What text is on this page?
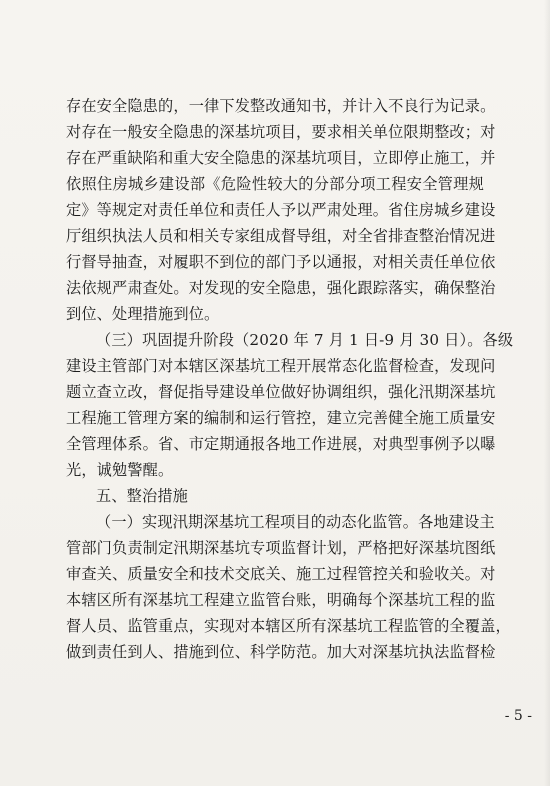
存在安全隐患的，一律下发整改通知书，并计入不良行为记录。
对存在一般安全隐患的深基坑项目，要求相关单位限期整改；对
存在严重缺陷和重大安全隐患的深基坑项目，立即停止施工，并
依照住房城乡建设部《危险性较大的分部分项工程安全管理规
定》等规定对责任单位和责任人予以严肃处理。省住房城乡建设
厅组织执法人员和相关专家组成督导组，对全省排查整治情况进
行督导抽查，对履职不到位的部门予以通报，对相关责任单位依
法依规严肃查处。对发现的安全隐患，强化跟踪落实，确保整治
到位、处理措施到位。
（三）巩固提升阶段（2020 年 7 月 1 日-9 月 30 日）。各级
建设主管部门对本辖区深基坑工程开展常态化监督检查，发现问
题立查立改，督促指导建设单位做好协调组织，强化汛期深基坑
工程施工管理方案的编制和运行管控，建立完善健全施工质量安
全管理体系。省、市定期通报各地工作进展，对典型事例予以曝
光，诚勉警醒。
五、整治措施
（一）实现汛期深基坑工程项目的动态化监管。各地建设主
管部门负责制定汛期深基坑专项监督计划，严格把好深基坑图纸
审查关、质量安全和技术交底关、施工过程管控关和验收关。对
本辖区所有深基坑工程建立监管台账，明确每个深基坑工程的监
督人员、监管重点，实现对本辖区所有深基坑工程监管的全覆盖，
做到责任到人、措施到位、科学防范。加大对深基坑执法监督检
- 5 -
